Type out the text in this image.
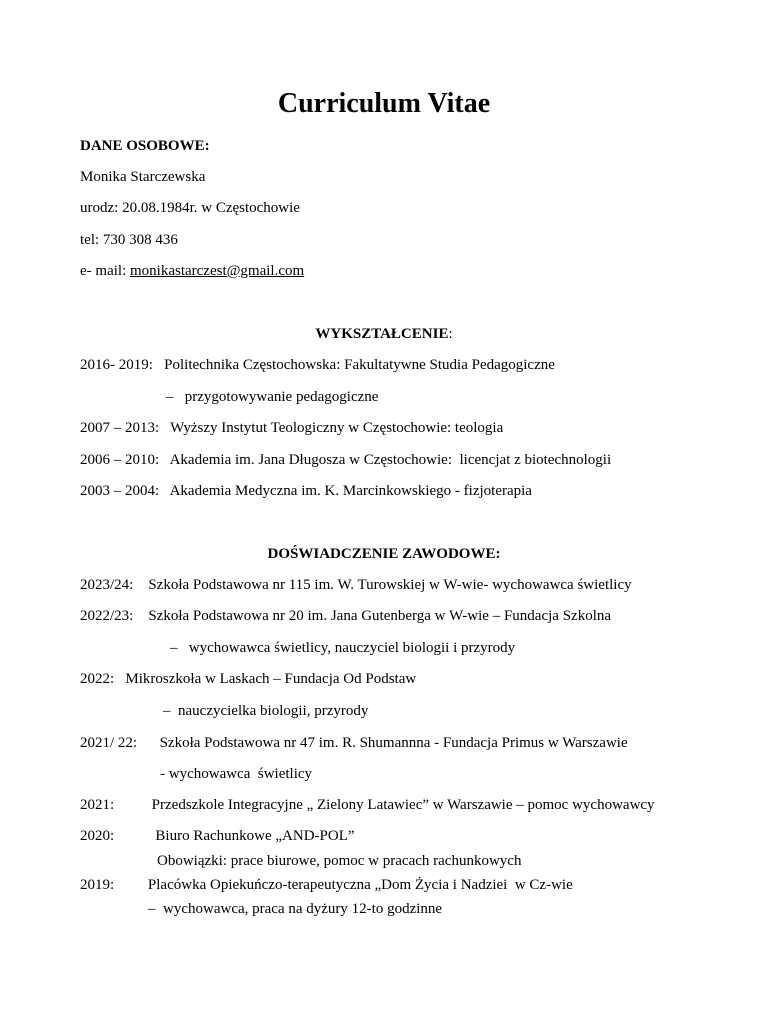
Curriculum Vitae
DANE OSOBOWE:
Monika Starczewska
urodz: 20.08.1984r. w Częstochowie
tel: 730 308 436
e- mail: monikastarczest@gmail.com
WYKSZTAŁCENIE:
2016- 2019:   Politechnika Częstochowska: Fakultatywne Studia Pedagogiczne
–   przygotowywanie pedagogiczne
2007 – 2013:   Wyższy Instytut Teologiczny w Częstochowie: teologia
2006 – 2010:   Akademia im. Jana Długosza w Częstochowie:  licencjat z biotechnologii
2003 – 2004:   Akademia Medyczna im. K. Marcinkowskiego - fizjoterapia
DOŚWIADCZENIE ZAWODOWE:
2023/24:    Szkoła Podstawowa nr 115 im. W. Turowskiej w W-wie- wychowawca świetlicy
2022/23:    Szkoła Podstawowa nr 20 im. Jana Gutenberga w W-wie – Fundacja Szkolna
–   wychowawca świetlicy, nauczyciel biologii i przyrody
2022:   Mikroszkoła w Laskach – Fundacja Od Podstaw
–  nauczycielka biologii, przyrody
2021/ 22:      Szkoła Podstawowa nr 47 im. R. Shumannna - Fundacja Primus w Warszawie
- wychowawca  świetlicy
2021:          Przedszkole Integracyjne „ Zielony Latawiec” w Warszawie – pomoc wychowawcy
2020:           Biuro Rachunkowe „AND-POL”
Obowiązki: prace biurowe, pomoc w pracach rachunkowych
2019:         Placówka Opiekuńczo-terapeutyczna „Dom Życia i Nadziei  w Cz-wie
–  wychowawca, praca na dyżury 12-to godzinne
